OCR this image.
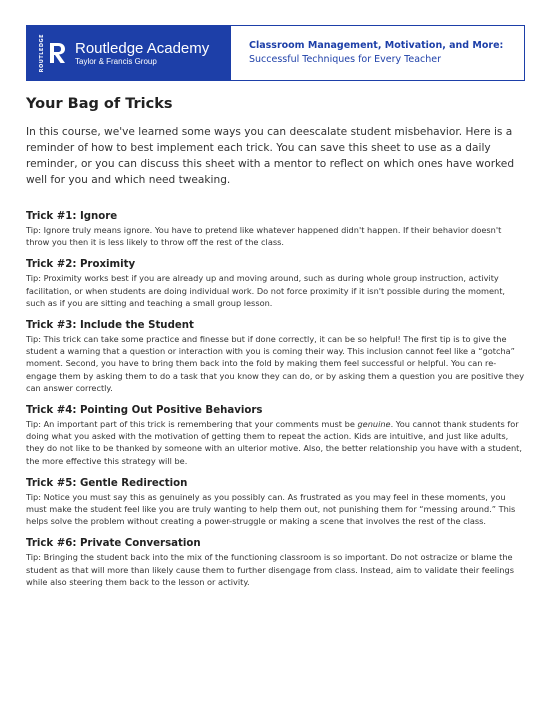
ROUTLEDGE Routledge Academy
Taylor & Francis Group
Classroom Management, Motivation, and More:
Successful Techniques for Every Teacher
Your Bag of Tricks

In this course, we've learned some ways you can deescalate student misbehavior. Here is a reminder of how to best implement each trick. You can save this sheet to use as a daily reminder, or you can discuss this sheet with a mentor to reflect on which ones have worked well for you and which need tweaking.

Trick #1: Ignore

Tip: Ignore truly means ignore. You have to pretend like whatever happened didn't happen. If their behavior doesn't throw you then it is less likely to throw off the rest of the class.

Trick #2: Proximity

Tip: Proximity works best if you are already up and moving around, such as during whole group instruction, activity facilitation, or when students are doing individual work. Do not force proximity if it isn't possible during the moment, such as if you are sitting and teaching a small group lesson.

Trick #3: Include the Student

Tip: This trick can take some practice and finesse but if done correctly, it can be so helpful! The first tip is to give the student a warning that a question or interaction with you is coming their way. This inclusion cannot feel like a “gotcha” moment. Second, you have to bring them back into the fold by making them feel successful or helpful. You can re-engage them by asking them to do a task that you know they can do, or by asking them a question you are positive they can answer correctly.

Trick #4: Pointing Out Positive Behaviors

Tip: An important part of this trick is remembering that your comments must be genuine. You cannot thank students for doing what you asked with the motivation of getting them to repeat the action. Kids are intuitive, and just like adults, they do not like to be thanked by someone with an ulterior motive. Also, the better relationship you have with a student, the more effective this strategy will be.

Trick #5: Gentle Redirection

Tip: Notice you must say this as genuinely as you possibly can. As frustrated as you may feel in these moments, you must make the student feel like you are truly wanting to help them out, not punishing them for “messing around.” This helps solve the problem without creating a power-struggle or making a scene that involves the rest of the class.

Trick #6: Private Conversation

Tip: Bringing the student back into the mix of the functioning classroom is so important. Do not ostracize or blame the student as that will more than likely cause them to further disengage from class. Instead, aim to validate their feelings while also steering them back to the lesson or activity.
